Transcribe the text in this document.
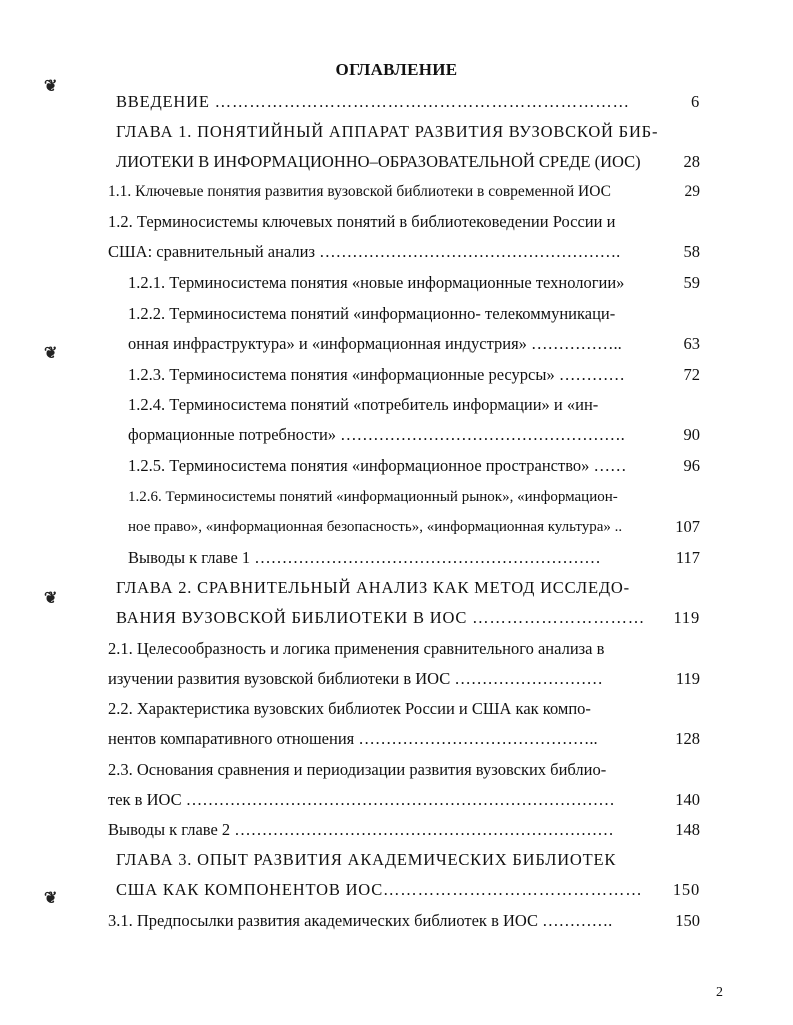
ОГЛАВЛЕНИЕ
❦
❦
❦
❦
ВВЕДЕНИЕ ………………………………………………………………	6
ГЛАВА 1. ПОНЯТИЙНЫЙ АППАРАТ РАЗВИТИЯ ВУЗОВСКОЙ БИБ-
ЛИОТЕКИ В ИНФОРМАЦИОННО–ОБРАЗОВАТЕЛЬНОЙ СРЕДЕ (ИОС)	28
1.1. Ключевые понятия развития вузовской библиотеки в современной ИОС	29
1.2. Терминосистемы ключевых понятий в библиотековедении России и
США: сравнительный анализ ……………………………………………….	58
1.2.1. Терминосистема понятия «новые информационные технологии»	59
1.2.2. Терминосистема понятий «информационно- телекоммуникаци-
онная инфраструктура» и «информационная индустрия» ……………..	63
1.2.3. Терминосистема понятия «информационные ресурсы» …………	72
1.2.4. Терминосистема понятий «потребитель информации» и «ин-
формационные потребности» …………………………………………….	90
1.2.5. Терминосистема понятия «информационное пространство» ……	96
1.2.6. Терминосистемы понятий «информационный рынок», «информацион-
ное право», «информационная безопасность», «информационная культура» ..	107
Выводы к главе 1 ………………………………………………………	117
ГЛАВА 2. СРАВНИТЕЛЬНЫЙ АНАЛИЗ КАК МЕТОД ИССЛЕДО-
ВАНИЯ ВУЗОВСКОЙ БИБЛИОТЕКИ В ИОС …………………………	119
2.1. Целесообразность и логика применения сравнительного анализа в
изучении развития вузовской библиотеки в ИОС ………………………	119
2.2. Характеристика вузовских библиотек России и США как компо-
нентов компаративного отношения ……………………………………..	128
2.3. Основания сравнения и периодизации развития вузовских библио-
тек в ИОС ……………………………………………………………………	140
Выводы к главе 2 ……………………………………………………………	148
ГЛАВА 3. ОПЫТ РАЗВИТИЯ АКАДЕМИЧЕСКИХ БИБЛИОТЕК
США КАК КОМПОНЕНТОВ ИОС………………………………………	150
3.1. Предпосылки развития академических библиотек в ИОС ………….	150
2
